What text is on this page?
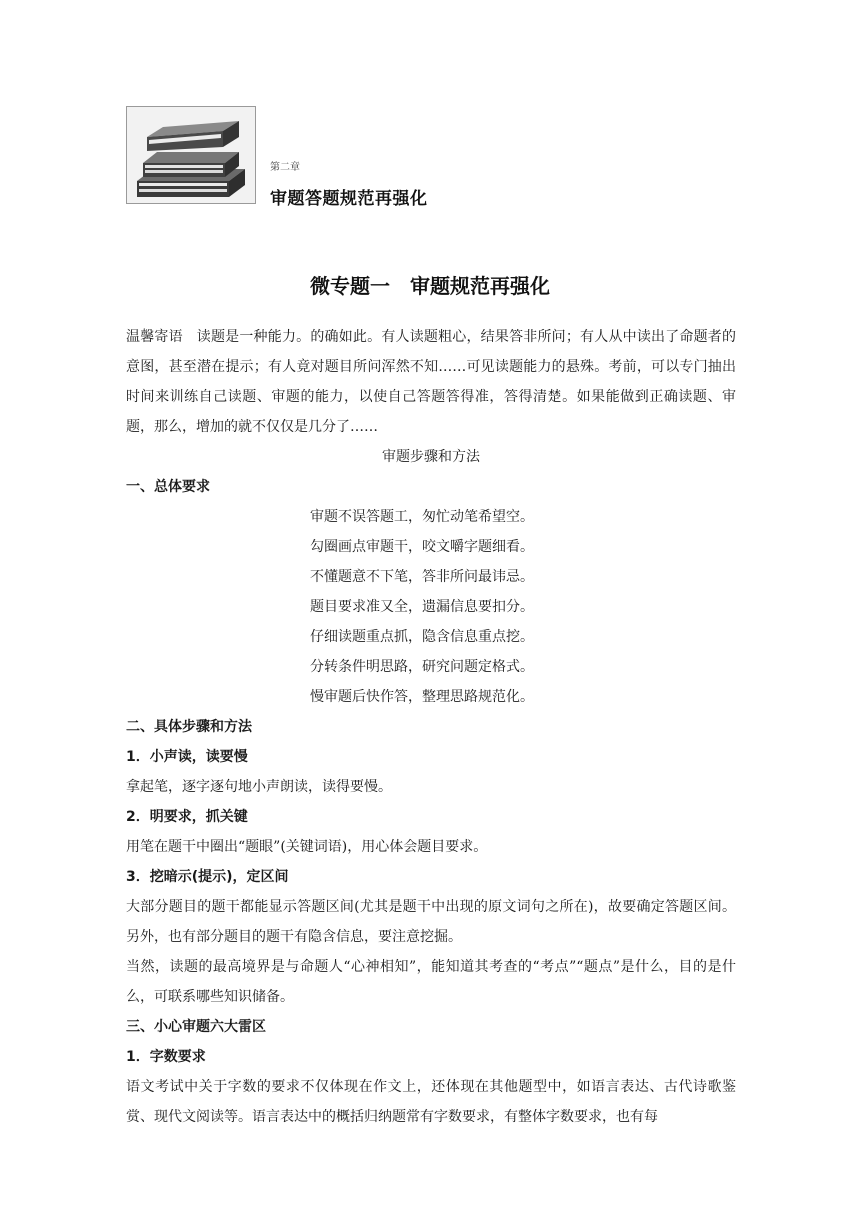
第二章
审题答题规范再强化
微专题一　审题规范再强化

温馨寄语 读题是一种能力。的确如此。有人读题粗心，结果答非所问；有人从中读出了命题者的意图，甚至潜在提示；有人竟对题目所问浑然不知……可见读题能力的悬殊。考前，可以专门抽出时间来训练自己读题、审题的能力，以使自己答题答得准，答得清楚。如果能做到正确读题、审题，那么，增加的就不仅仅是几分了……

审题步骤和方法

一、总体要求

审题不误答题工，匆忙动笔希望空。
勾圈画点审题干，咬文嚼字题细看。
不懂题意不下笔，答非所问最讳忌。
题目要求准又全，遗漏信息要扣分。
仔细读题重点抓，隐含信息重点挖。
分转条件明思路，研究问题定格式。
慢审题后快作答，整理思路规范化。

二、具体步骤和方法

1．小声读，读要慢

拿起笔，逐字逐句地小声朗读，读得要慢。

2．明要求，抓关键

用笔在题干中圈出“题眼”(关键词语)，用心体会题目要求。

3．挖暗示(提示)，定区间

大部分题目的题干都能显示答题区间(尤其是题干中出现的原文词句之所在)，故要确定答题区间。另外，也有部分题目的题干有隐含信息，要注意挖掘。

当然，读题的最高境界是与命题人“心神相知”，能知道其考查的“考点”“题点”是什么，目的是什么，可联系哪些知识储备。

三、小心审题六大雷区

1．字数要求

语文考试中关于字数的要求不仅体现在作文上，还体现在其他题型中，如语言表达、古代诗歌鉴赏、现代文阅读等。语言表达中的概括归纳题常有字数要求，有整体字数要求，也有每
